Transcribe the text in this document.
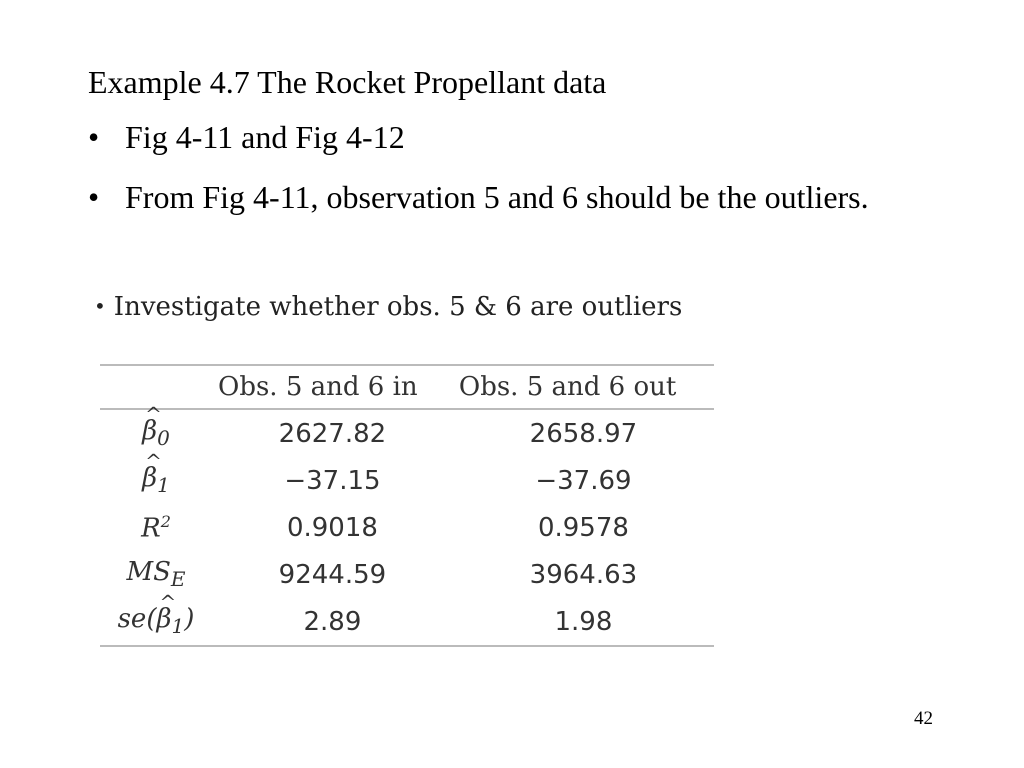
Example 4.7 The Rocket Propellant data
• Fig 4-11 and Fig 4-12
• From Fig 4-11, observation 5 and 6 should be the outliers.
• Investigate whether obs. 5 & 6 are outliers
	Obs. 5 and 6 in	Obs. 5 and 6 out
^ $\beta_0$	2627.82	2658.97
^ $\beta_1$	−37.15	−37.69
$R^2$	0.9018	0.9578
$MS_E$	9244.59	3964.63
se(^ $\beta_1$)	2.89	1.98
42
